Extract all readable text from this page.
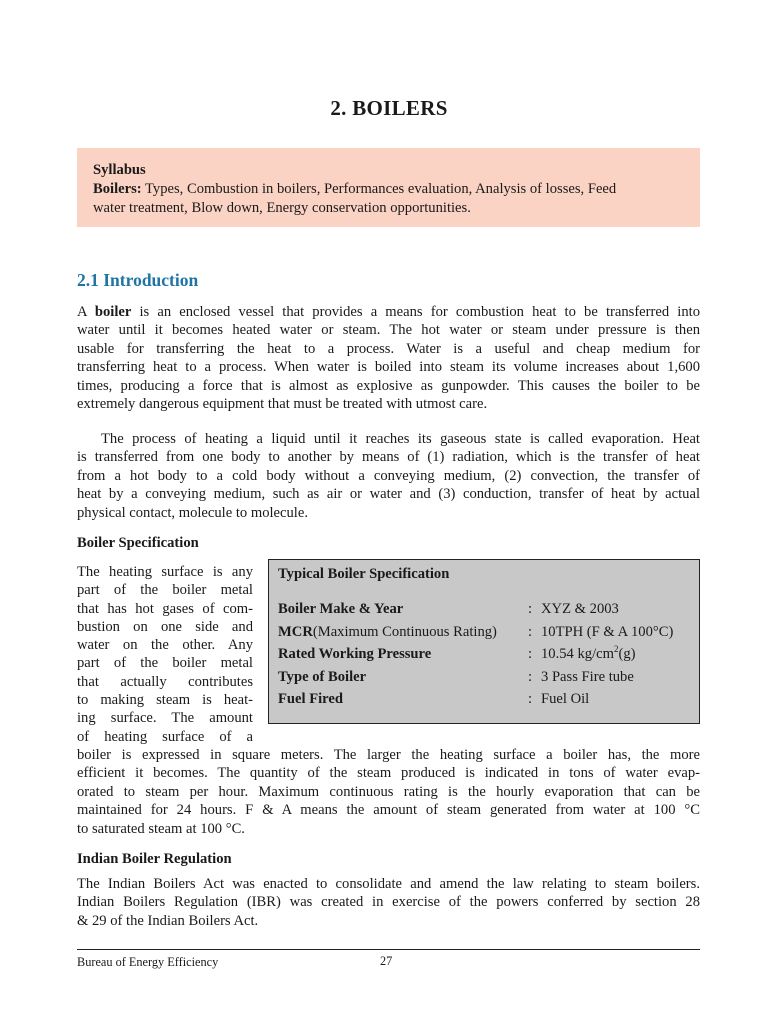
2. BOILERS
Syllabus
Boilers: Types, Combustion in boilers, Performances evaluation, Analysis of losses, Feed
water treatment, Blow down, Energy conservation opportunities.
2.1 Introduction
A boiler is an enclosed vessel that provides a means for combustion heat to be transferred into
water until it becomes heated water or steam. The hot water or steam under pressure is then
usable for transferring the heat to a process. Water is a useful and cheap medium for
transferring heat to a process. When water is boiled into steam its volume increases about 1,600
times, producing a force that is almost as explosive as gunpowder. This causes the boiler to be
extremely dangerous equipment that must be treated with utmost care.
The process of heating a liquid until it reaches its gaseous state is called evaporation. Heat
is transferred from one body to another by means of (1) radiation, which is the transfer of heat
from a hot body to a cold body without a conveying medium, (2) convection, the transfer of
heat by a conveying medium, such as air or water and (3) conduction, transfer of heat by actual
physical contact, molecule to molecule.
Boiler Specification
The heating surface is any
part of the boiler metal
that has hot gases of com-
bustion on one side and
water on the other. Any
part of the boiler metal
that actually contributes
to making steam is heat-
ing surface. The amount
of heating surface of a
boiler is expressed in square meters. The larger the heating surface a boiler has, the more
efficient it becomes. The quantity of the steam produced is indicated in tons of water evap-
orated to steam per hour. Maximum continuous rating is the hourly evaporation that can be
maintained for 24 hours. F & A means the amount of steam generated from water at 100 °C
to saturated steam at 100 °C.
Typical Boiler Specification
Boiler Make & Year	: XYZ & 2003
MCR(Maximum Continuous Rating) : 10TPH (F & A 100°C)
Rated Working Pressure	: 10.54 $kg/cm^2(g)$
Type of Boiler	: 3 Pass Fire tube
Fuel Fired	: Fuel Oil
Indian Boiler Regulation
The Indian Boilers Act was enacted to consolidate and amend the law relating to steam boilers.
Indian Boilers Regulation (IBR) was created in exercise of the powers conferred by section 28
& 29 of the Indian Boilers Act.
Bureau of Energy Efficiency	27
